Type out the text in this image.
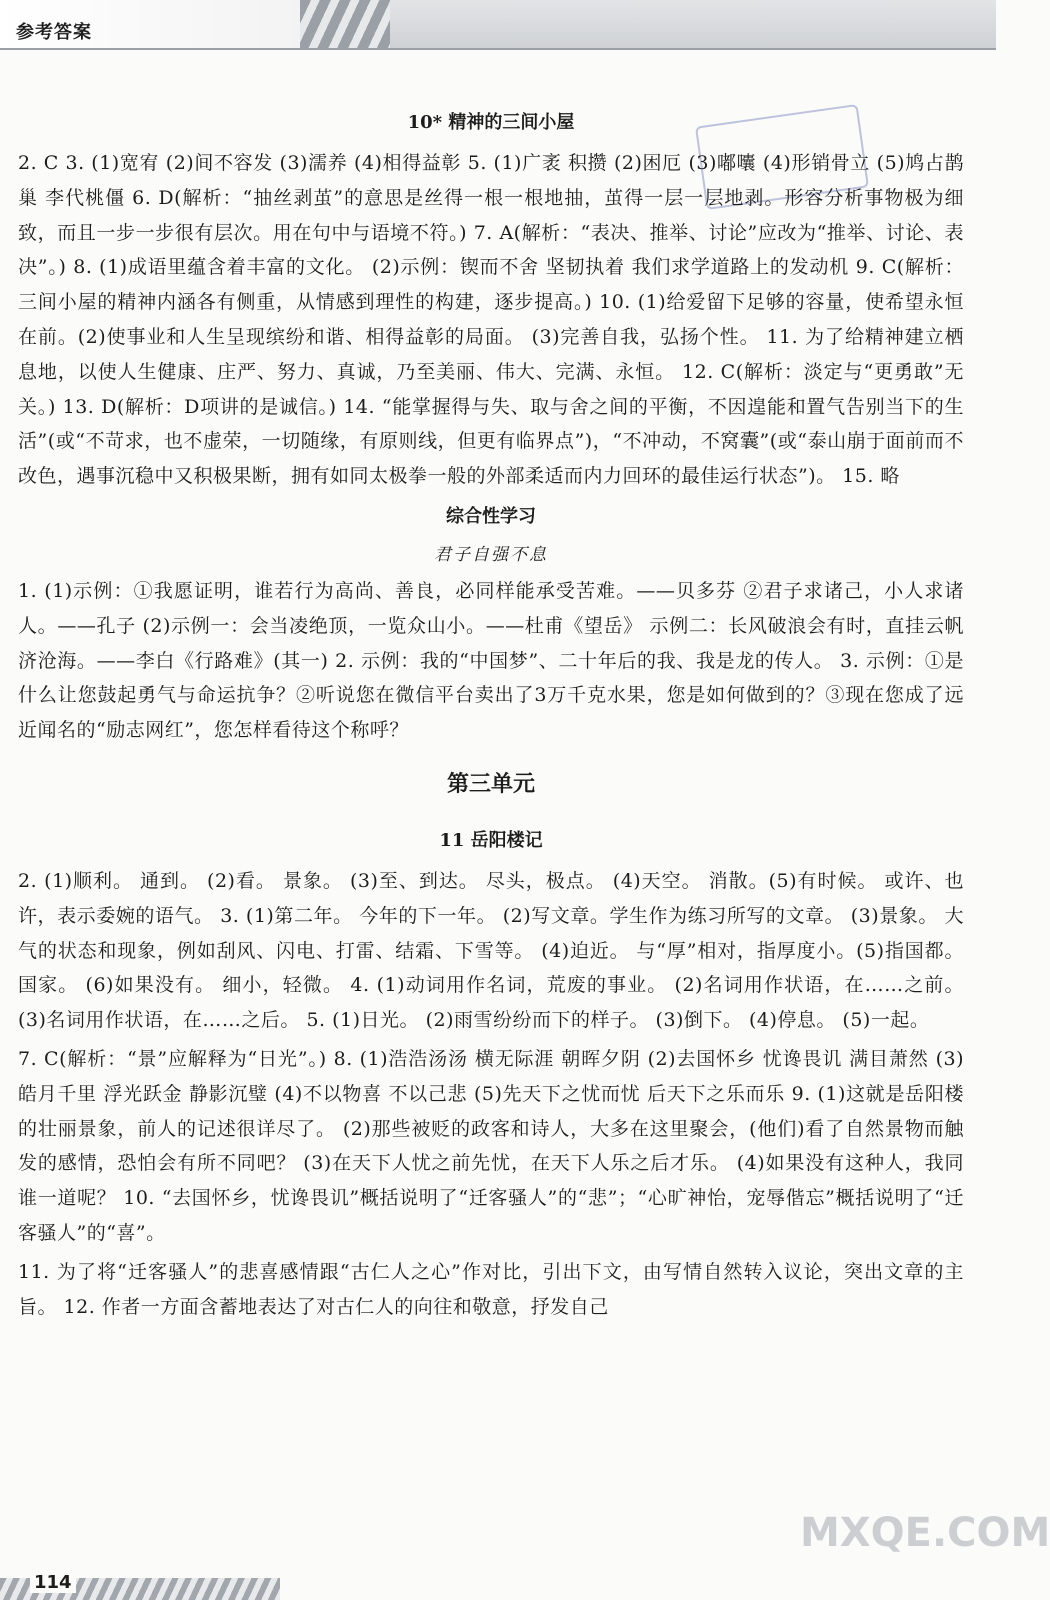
参考答案
10* 精神的三间小屋

2. C 3. (1)宽宥 (2)间不容发 (3)濡养 (4)相得益彰 5. (1)广袤 积攒 (2)困厄 (3)嘟囔 (4)形销骨立 (5)鸠占鹊巢 李代桃僵 6. D(解析：“抽丝剥茧”的意思是丝得一根一根地抽，茧得一层一层地剥。形容分析事物极为细致，而且一步一步很有层次。用在句中与语境不符。) 7. A(解析：“表决、推举、讨论”应改为“推举、讨论、表决”。) 8. (1)成语里蕴含着丰富的文化。 (2)示例：锲而不舍 坚韧执着 我们求学道路上的发动机 9. C(解析：三间小屋的精神内涵各有侧重，从情感到理性的构建，逐步提高。) 10. (1)给爱留下足够的容量，使希望永恒在前。(2)使事业和人生呈现缤纷和谐、相得益彰的局面。 (3)完善自我，弘扬个性。 11. 为了给精神建立栖息地，以使人生健康、庄严、努力、真诚，乃至美丽、伟大、完满、永恒。 12. C(解析：淡定与“更勇敢”无关。) 13. D(解析：D项讲的是诚信。) 14. “能掌握得与失、取与舍之间的平衡，不因遑能和置气告别当下的生活”(或“不苛求，也不虚荣，一切随缘，有原则线，但更有临界点”)，“不冲动，不窝囊”(或“泰山崩于面前而不改色，遇事沉稳中又积极果断，拥有如同太极拳一般的外部柔适而内力回环的最佳运行状态”)。 15. 略

综合性学习
君子自强不息

1. (1)示例：①我愿证明，谁若行为高尚、善良，必同样能承受苦难。——贝多芬 ②君子求诸己，小人求诸人。——孔子 (2)示例一：会当凌绝顶，一览众山小。——杜甫《望岳》 示例二：长风破浪会有时，直挂云帆济沧海。——李白《行路难》(其一) 2. 示例：我的“中国梦”、二十年后的我、我是龙的传人。 3. 示例：①是什么让您鼓起勇气与命运抗争？②听说您在微信平台卖出了3万千克水果，您是如何做到的？③现在您成了远近闻名的“励志网红”，您怎样看待这个称呼？

第三单元
11 岳阳楼记

2. (1)顺利。 通到。 (2)看。 景象。 (3)至、到达。 尽头，极点。 (4)天空。 消散。(5)有时候。 或许、也许，表示委婉的语气。 3. (1)第二年。 今年的下一年。 (2)写文章。学生作为练习所写的文章。 (3)景象。 大气的状态和现象，例如刮风、闪电、打雷、结霜、下雪等。 (4)迫近。 与“厚”相对，指厚度小。(5)指国都。 国家。 (6)如果没有。 细小，轻微。 4. (1)动词用作名词，荒废的事业。 (2)名词用作状语，在……之前。 (3)名词用作状语，在……之后。 5. (1)日光。 (2)雨雪纷纷而下的样子。 (3)倒下。 (4)停息。 (5)一起。

7. C(解析：“景”应解释为“日光”。) 8. (1)浩浩汤汤 横无际涯 朝晖夕阴 (2)去国怀乡 忧谗畏讥 满目萧然 (3)皓月千里 浮光跃金 静影沉璧 (4)不以物喜 不以己悲 (5)先天下之忧而忧 后天下之乐而乐 9. (1)这就是岳阳楼的壮丽景象，前人的记述很详尽了。 (2)那些被贬的政客和诗人，大多在这里聚会，(他们)看了自然景物而触发的感情，恐怕会有所不同吧？ (3)在天下人忧之前先忧，在天下人乐之后才乐。 (4)如果没有这种人，我同谁一道呢？ 10. “去国怀乡，忧谗畏讥”概括说明了“迁客骚人”的“悲”；“心旷神怡，宠辱偕忘”概括说明了“迁客骚人”的“喜”。

11. 为了将“迁客骚人”的悲喜感情跟“古仁人之心”作对比，引出下文，由写情自然转入议论，突出文章的主旨。 12. 作者一方面含蓄地表达了对古仁人的向往和敬意，抒发自己

MXQE.COM
114
